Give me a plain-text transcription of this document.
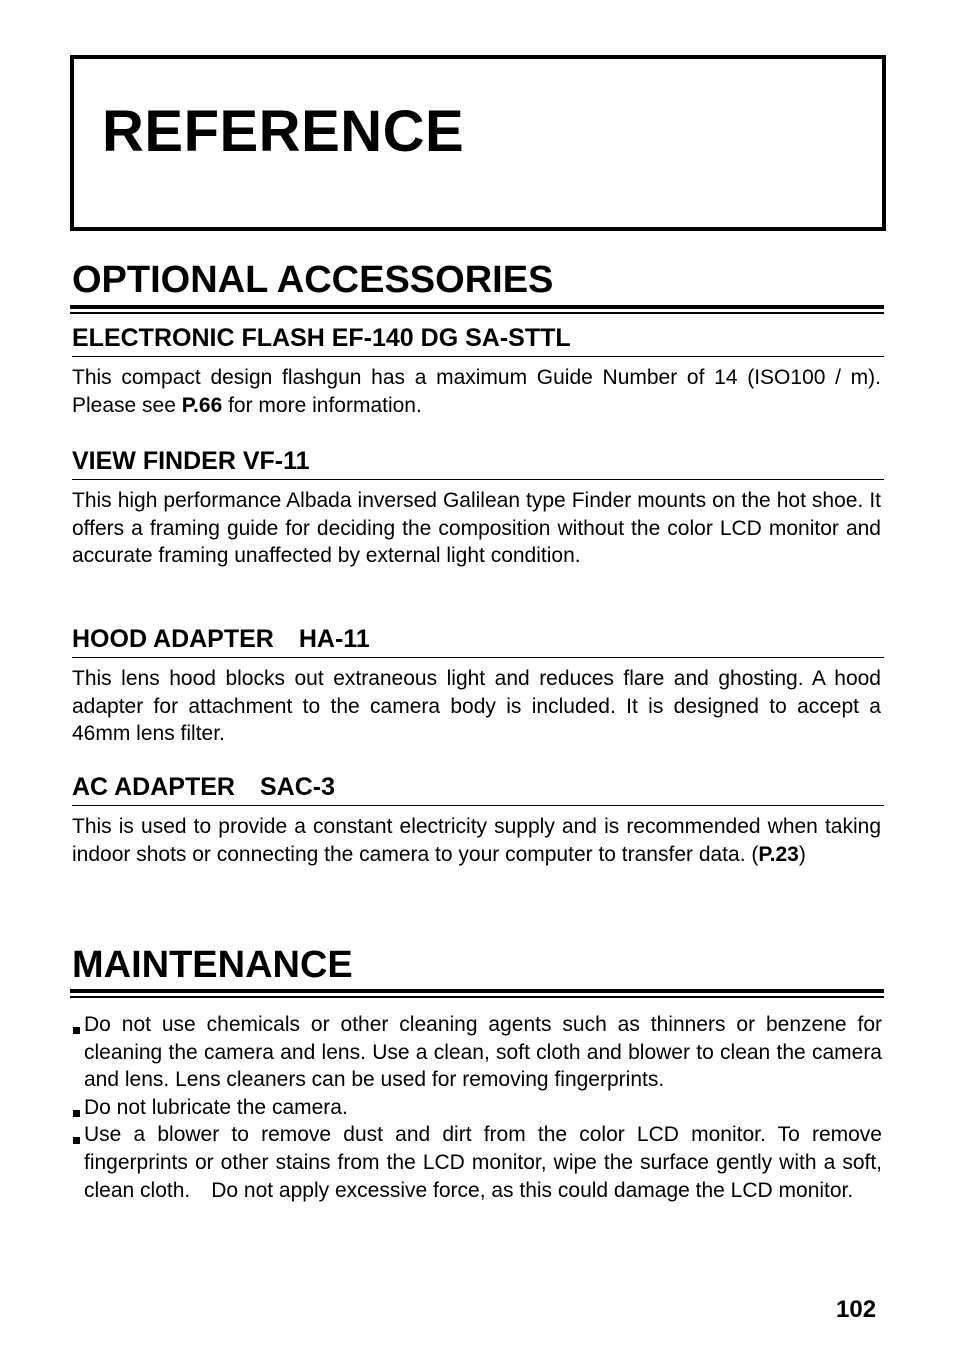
REFERENCE
OPTIONAL ACCESSORIES
ELECTRONIC FLASH EF-140 DG SA-STTL

This compact design flashgun has a maximum Guide Number of 14 (ISO100 / m). Please see P.66 for more information.

VIEW FINDER VF-11

This high performance Albada inversed Galilean type Finder mounts on the hot shoe. It offers a framing guide for deciding the composition without the color LCD monitor and accurate framing unaffected by external light condition.

HOOD ADAPTER　HA-11

This lens hood blocks out extraneous light and reduces flare and ghosting. A hood adapter for attachment to the camera body is included. It is designed to accept a 46mm lens filter.

AC ADAPTER　SAC-3

This is used to provide a constant electricity supply and is recommended when taking indoor shots or connecting the camera to your computer to transfer data. (P.23)

MAINTENANCE
Do not use chemicals or other cleaning agents such as thinners or benzene for cleaning the camera and lens. Use a clean, soft cloth and blower to clean the camera and lens. Lens cleaners can be used for removing fingerprints.
Do not lubricate the camera.
Use a blower to remove dust and dirt from the color LCD monitor. To remove fingerprints or other stains from the LCD monitor, wipe the surface gently with a soft, clean cloth.　Do not apply excessive force, as this could damage the LCD monitor.
102
